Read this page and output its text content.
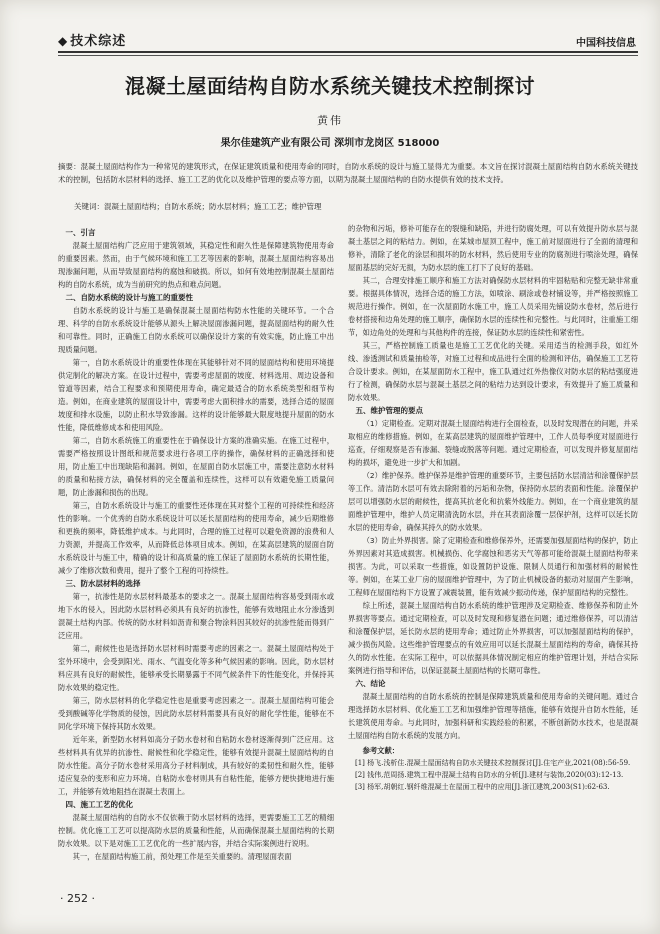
◆ 技术综述	中国科技信息
混凝土屋面结构自防水系统关键技术控制探讨
黄伟
果尔佳建筑产业有限公司 深圳市龙岗区 518000
摘要：混凝土屋面结构作为一种常见的建筑形式，在保证建筑质量和使用寿命的同时，自防水系统的设计与施工显得尤为重要。本文旨在探讨混凝土屋面结构自防水系统关键技术的控制，包括防水层材料的选择、施工工艺的优化以及维护管理的要点等方面，以期为混凝土屋面结构的自防水提供有效的技术支持。
关键词：混凝土屋面结构；自防水系统；防水层材料；施工工艺；维护管理
一、引言

混凝土屋面结构广泛应用于建筑领域，其稳定性和耐久性是保障建筑物使用寿命的重要因素。然而，由于气候环境和施工工艺等因素的影响，混凝土屋面结构容易出现渗漏问题，从而导致屋面结构的腐蚀和破损。所以，如何有效地控制混凝土屋面结构的自防水系统，成为当前研究的热点和难点问题。

二、自防水系统的设计与施工的重要性

自防水系统的设计与施工是确保混凝土屋面结构防水性能的关键环节。一个合理、科学的自防水系统设计能够从源头上解决屋面渗漏问题，提高屋面结构的耐久性和可靠性。同时，正确施工自防水系统可以确保设计方案的有效实施，防止施工中出现质量问题。

第一，自防水系统设计的重要性体现在其能够针对不同的屋面结构和使用环境提供定制化的解决方案。在设计过程中，需要考虑屋面的坡度、材料选用、周边设备和管道等因素，结合工程要求和预期使用寿命，确定最适合的防水系统类型和细节构造。例如，在商业建筑的屋面设计中，需要考虑大面积排水的需要，选择合适的屋面坡度和排水设施，以防止积水导致渗漏。这样的设计能够最大限度地提升屋面的防水性能，降低维修成本和使用风险。

第二，自防水系统施工的重要性在于确保设计方案的准确实施。在施工过程中，需要严格按照设计图纸和规范要求进行各项工序的操作，确保材料的正确选择和使用，防止施工中出现缺陷和漏洞。例如，在屋面自防水层施工中，需要注意防水材料的质量和粘接方法，确保材料的完全覆盖和连续性，这样可以有效避免施工质量问题，防止渗漏和损伤的出现。

第三，自防水系统设计与施工的重要性还体现在其对整个工程的可持续性和经济性的影响。一个优秀的自防水系统设计可以延长屋面结构的使用寿命，减少后期维修和更换的频率，降低维护成本。与此同时，合理的施工过程可以避免资源的浪费和人力资源，并提高工作效率，从而降低总体项目成本。例如，在某高层建筑的屋面自防水系统设计与施工中，精确的设计和高质量的施工保证了屋面防水系统的长期性能，减少了维修次数和费用，提升了整个工程的可持续性。

三、防水层材料的选择

第一，抗渗性是防水层材料最基本的要求之一。混凝土屋面结构容易受到雨水或地下水的侵入，因此防水层材料必须具有良好的抗渗性，能够有效地阻止水分渗透到混凝土结构内部。传统的防水材料如沥青和聚合物涂料因其较好的抗渗性能而得到广泛应用。

第二，耐候性也是选择防水层材料时需要考虑的因素之一。混凝土屋面结构处于室外环境中，会受到阳光、雨水、气温变化等多种气候因素的影响。因此，防水层材料应具有良好的耐候性，能够承受长期暴露于不同气候条件下的性能变化，并保持其防水效果的稳定性。

第三，防水层材料的化学稳定性也是重要考虑因素之一。混凝土屋面结构可能会受到酸碱等化学物质的侵蚀，因此防水层材料需要具有良好的耐化学性能，能够在不同化学环境下保持其防水效果。

近年来，新型防水材料如高分子防水卷材和自粘防水卷材逐渐得到广泛应用。这些材料具有优异的抗渗性、耐候性和化学稳定性，能够有效提升混凝土屋面结构的自防水性能。高分子防水卷材采用高分子材料制成，具有较好的柔韧性和耐久性，能够适应复杂的变形和应力环境。自粘防水卷材则具有自粘性能，能够方便快捷地进行施工，并能够有效地阻挡在混凝土表面上。

四、施工工艺的优化

混凝土屋面结构的自防水不仅依赖于防水层材料的选择，更需要施工工艺的精细控制。优化施工工艺可以提高防水层的质量和性能，从而确保混凝土屋面结构的长期防水效果。以下是对施工工艺优化的一些扩展内容，并结合实际案例进行说明。

其一，在屋面结构施工前，预处理工作是至关重要的。清理屋面表面

的杂物和污垢，修补可能存在的裂缝和缺陷，并进行防腐处理，可以有效提升防水层与混凝土基层之间的粘结力。例如，在某城市屋顶工程中，施工前对屋面进行了全面的清理和修补，清除了老化的涂层和损坏的防水材料，然后使用专业的防腐剂进行喷涂处理，确保屋面基层的完好无损，为防水层的施工打下了良好的基础。

其二，合理安排施工顺序和施工方法对确保防水层材料的牢固粘贴和完整无缺非常重要。根据具体情况，选择合适的施工方法，如喷涂、刷涂或卷材铺设等，并严格按照施工规范进行操作。例如，在一次屋面防水施工中，施工人员采用先铺设防水卷材，然后进行卷材搭接和边角处理的施工顺序，确保防水层的连续性和完整性。与此同时，注重施工细节，如边角处的处理和与其他构件的连接，保证防水层的连续性和紧密性。

其三，严格控制施工质量也是施工工艺优化的关键。采用适当的检测手段，如红外线、渗透测试和质量抽检等，对施工过程和成品进行全面的检测和评估，确保施工工艺符合设计要求。例如，在某屋面防水工程中，施工队通过红外热像仪对防水层的粘结强度进行了检测，确保防水层与混凝土基层之间的粘结力达到设计要求，有效提升了施工质量和防水效果。

五、维护管理的要点

（1）定期检查。定期对混凝土屋面结构进行全面检查，以及时发现潜在的问题，并采取相应的维修措施。例如，在某高层建筑的屋面维护管理中，工作人员每季度对屋面进行巡查，仔细观察是否有渗漏、裂缝或脱落等问题。通过定期检查，可以发现并修复屋面结构的损坏，避免进一步扩大和加剧。

（2）维护保养。维护保养是维护管理的重要环节，主要包括防水层清洁和涂覆保护层等工作。清洁防水层可有效去除附着的污垢和杂物，保持防水层的表面和性能。涂覆保护层可以增强防水层的耐候性，提高其抗老化和抗紫外线能力。例如，在一个商业建筑的屋面维护管理中，维护人员定期清洗防水层，并在其表面涂覆一层保护剂，这样可以延长防水层的使用寿命，确保其持久的防水效果。

（3）防止外界损害。除了定期检查和维修保养外，还需要加强屋面结构的保护，防止外界因素对其造成损害。机械损伤、化学腐蚀和恶劣天气等都可能给混凝土屋面结构带来损害。为此，可以采取一些措施，如设置防护设施、限制人员通行和加强材料的耐候性等。例如，在某工业厂房的屋面维护管理中，为了防止机械设备的振动对屋面产生影响，工程师在屋面结构下方设置了减震装置，能有效减少振动传递，保护屋面结构的完整性。

综上所述，混凝土屋面结构自防水系统的维护管理涉及定期检查、维修保养和防止外界损害等要点。通过定期检查，可以及时发现和修复潜在问题；通过维修保养，可以清洁和涂覆保护层，延长防水层的使用寿命；通过防止外界损害，可以加强屋面结构的保护，减少损伤风险。这些维护管理要点的有效应用可以延长混凝土屋面结构的寿命，确保其持久的防水性能。在实际工程中，可以依据具体情况制定相应的维护管理计划，并结合实际案例进行指导和评估，以保证混凝土屋面结构的长期可靠性。

六、结论

混凝土屋面结构的自防水系统的控制是保障建筑质量和使用寿命的关键问题。通过合理选择防水层材料、优化施工工艺和加强维护管理等措施，能够有效提升自防水性能，延长建筑使用寿命。与此同时，加强科研和实践经验的积累，不断创新防水技术，也是混凝土屋面结构自防水系统的发展方向。

参考文献：
[1] 杨飞.浅析住.混凝土屋面结构自防水关键技术控制探讨[J].住宅产业,2021(08):56-59.
[2] 钱伟,范周扬.建筑工程中混凝土结构自防水的分析[J].建材与装饰,2020(03):12-13.
[3] 杨军,胡朝红.钢纤维混凝土在屋面工程中的应用[J].浙江建筑,2003(S1):62-63.
· 252 ·
